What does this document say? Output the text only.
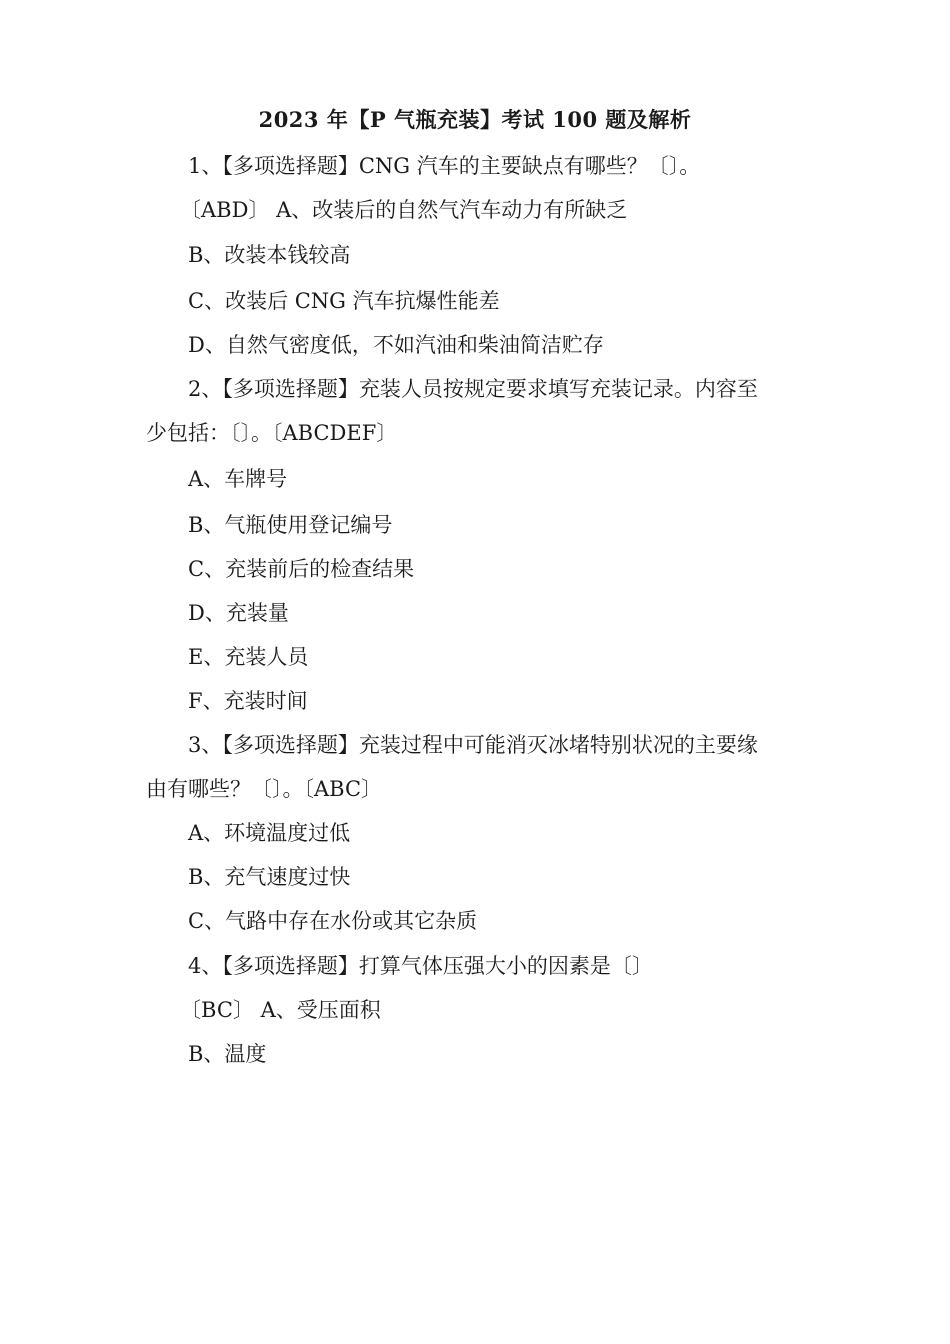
2023 年【P 气瓶充装】考试 100 题及解析
1、【多项选择题】CNG 汽车的主要缺点有哪些？〔〕。
〔ABD〕 A、改装后的自然气汽车动力有所缺乏
B、改装本钱较高
C、改装后 CNG 汽车抗爆性能差
D、自然气密度低，不如汽油和柴油简洁贮存
2、【多项选择题】充装人员按规定要求填写充装记录。内容至
少包括：〔〕。〔ABCDEF〕
A、车牌号
B、气瓶使用登记编号
C、充装前后的检查结果
D、充装量
E、充装人员
F、充装时间
3、【多项选择题】充装过程中可能消灭冰堵特别状况的主要缘
由有哪些？〔〕。〔ABC〕
A、环境温度过低
B、充气速度过快
C、气路中存在水份或其它杂质
4、【多项选择题】打算气体压强大小的因素是〔〕
〔BC〕 A、受压面积
B、温度
